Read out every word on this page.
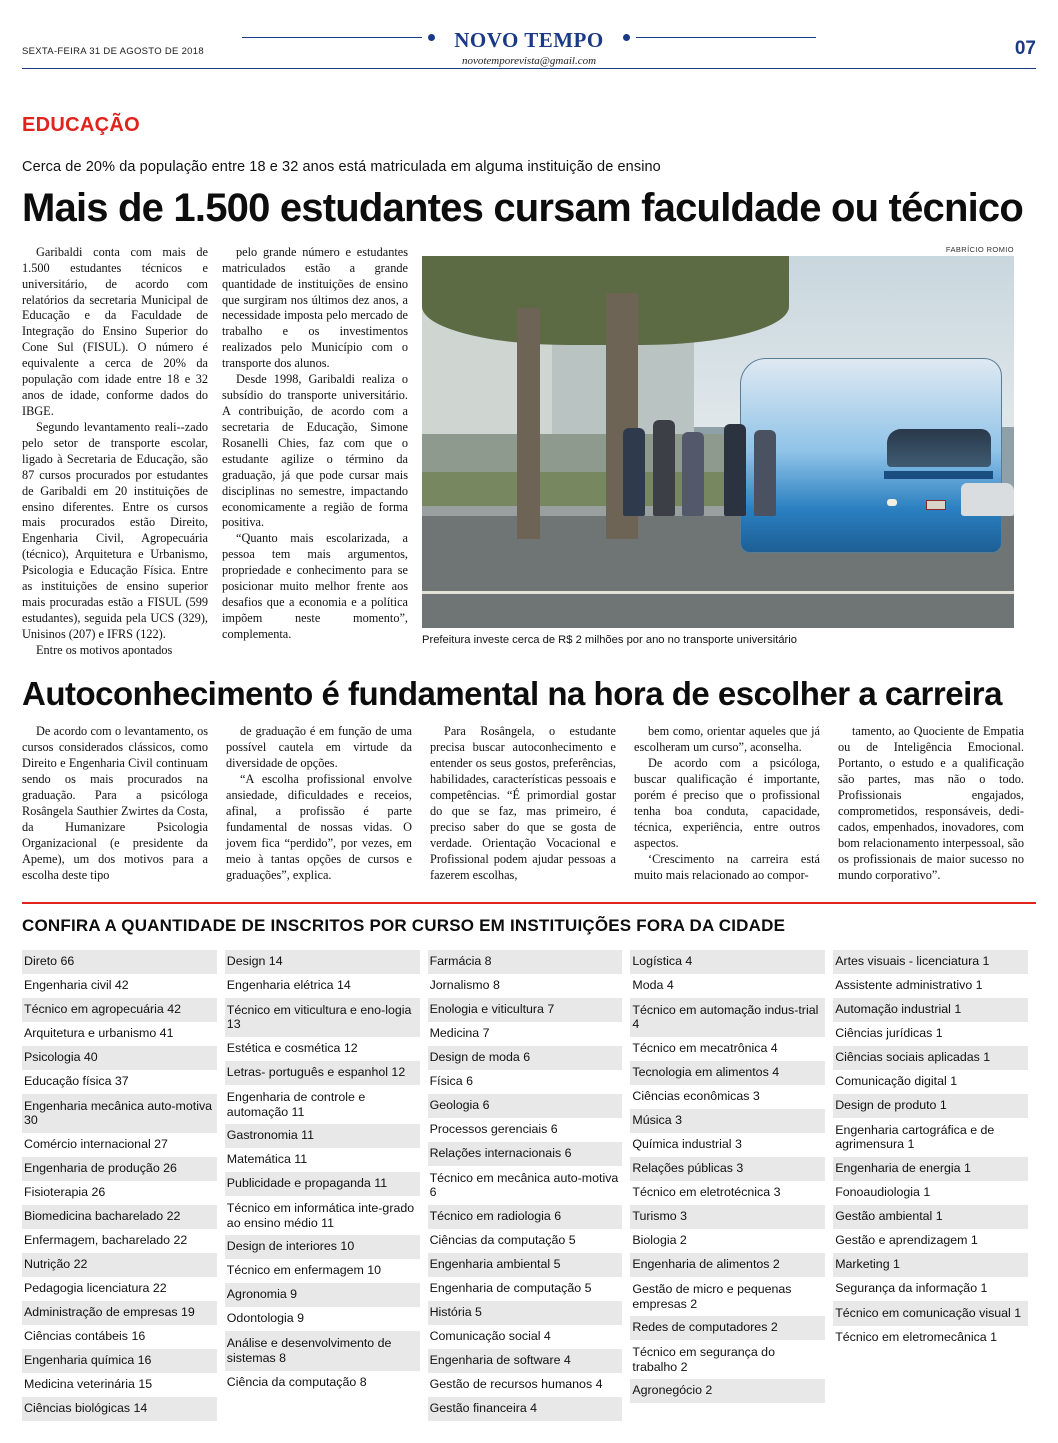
NOVO TEMPO
novotemporevista@gmail.com
SEXTA-FEIRA 31 DE AGOSTO DE 2018	07
EDUCAÇÃO
Cerca de 20% da população entre 18 e 32 anos está matriculada em alguma instituição de ensino
Mais de 1.500 estudantes cursam faculdade ou técnico

Garibaldi conta com mais de 1.500 estudantes técnicos e universitário, de acordo com relatórios da secretaria Municipal de Educação e da Faculdade de Integração do Ensino Superior do Cone Sul (FISUL). O número é equivalente a cerca de 20% da população com idade entre 18 e 32 anos de idade, conforme dados do IBGE.

Segundo levantamento reali--zado pelo setor de transporte escolar, ligado à Secretaria de Educação, são 87 cursos procurados por estudantes de Garibaldi em 20 instituições de ensino diferentes. Entre os cursos mais procurados estão Direito, Engenharia Civil, Agropecuária (técnico), Arquitetura e Urbanismo, Psicologia e Educação Física. Entre as instituições de ensino superior mais procuradas estão a FISUL (599 estudantes), seguida pela UCS (329), Unisinos (207) e IFRS (122).

Entre os motivos apontados

pelo grande número e estudantes matriculados estão a grande quantidade de instituições de ensino que surgiram nos últimos dez anos, a necessidade imposta pelo mercado de trabalho e os investimentos realizados pelo Município com o transporte dos alunos.

Desde 1998, Garibaldi realiza o subsídio do transporte universitário. A contribuição, de acordo com a secretaria de Educação, Simone Rosanelli Chies, faz com que o estudante agilize o término da graduação, já que pode cursar mais disciplinas no semestre, impactando economicamente a região de forma positiva.

“Quanto mais escolarizada, a pessoa tem mais argumentos, propriedade e conhecimento para se posicionar muito melhor frente aos desafios que a economia e a política impõem neste momento”, complementa.

FABRÍCIO ROMIO
Prefeitura investe cerca de R$ 2 milhões por ano no transporte universitário
Autoconhecimento é fundamental na hora de escolher a carreira

De acordo com o levantamento, os cursos considerados clássicos, como Direito e Engenharia Civil continuam sendo os mais procurados na graduação. Para a psicóloga Rosângela Sauthier Zwirtes da Costa, da Humanizare Psicologia Organizacional (e presidente da Apeme), um dos motivos para a escolha deste tipo

de graduação é em função de uma possível cautela em virtude da diversidade de opções.

“A escolha profissional envolve ansiedade, dificuldades e receios, afinal, a profissão é parte fundamental de nossas vidas. O jovem fica “perdido”, por vezes, em meio à tantas opções de cursos e graduações”, explica.

Para Rosângela, o estudante precisa buscar autoconhecimento e entender os seus gostos, preferências, habilidades, características pessoais e competências. “É primordial gostar do que se faz, mas primeiro, é preciso saber do que se gosta de verdade. Orientação Vocacional e Profissional podem ajudar pessoas a fazerem escolhas,

bem como, orientar aqueles que já escolheram um curso”, aconselha.

De acordo com a psicóloga, buscar qualificação é importante, porém é preciso que o profissional tenha boa conduta, capacidade, técnica, experiência, entre outros aspectos.

‘Crescimento na carreira está muito mais relacionado ao compor-

tamento, ao Quociente de Empatia ou de Inteligência Emocional. Portanto, o estudo e a qualificação são partes, mas não o todo. Profissionais engajados, comprometidos, responsáveis, dedi-cados, empenhados, inovadores, com bom relacionamento interpessoal, são os profissionais de maior sucesso no mundo corporativo”.

CONFIRA A QUANTIDADE DE INSCRITOS POR CURSO EM INSTITUIÇÕES FORA DA CIDADE
Direto 66
Engenharia civil 42
Técnico em agropecuária 42
Arquitetura e urbanismo 41
Psicologia 40
Educação física 37
Engenharia mecânica auto-motiva 30
Comércio internacional 27
Engenharia de produção 26
Fisioterapia 26
Biomedicina bacharelado 22
Enfermagem, bacharelado 22
Nutrição 22
Pedagogia licenciatura 22
Administração de empresas 19
Ciências contábeis 16
Engenharia química 16
Medicina veterinária 15
Ciências biológicas 14
Design 14
Engenharia elétrica 14
Técnico em viticultura e eno-logia 13
Estética e cosmética 12
Letras- português e espanhol 12
Engenharia de controle e automação 11
Gastronomia 11
Matemática 11
Publicidade e propaganda 11
Técnico em informática inte-grado ao ensino médio 11
Design de interiores 10
Técnico em enfermagem 10
Agronomia 9
Odontologia 9
Análise e desenvolvimento de sistemas 8
Ciência da computação 8
Farmácia 8
Jornalismo 8
Enologia e viticultura 7
Medicina 7
Design de moda 6
Física 6
Geologia 6
Processos gerenciais 6
Relações internacionais 6
Técnico em mecânica auto-motiva 6
Técnico em radiologia 6
Ciências da computação 5
Engenharia ambiental 5
Engenharia de computação 5
História 5
Comunicação social 4
Engenharia de software 4
Gestão de recursos humanos 4
Gestão financeira 4
Logística 4
Moda 4
Técnico em automação indus-trial 4
Técnico em mecatrônica 4
Tecnologia em alimentos 4
Ciências econômicas 3
Música 3
Química industrial 3
Relações públicas 3
Técnico em eletrotécnica 3
Turismo 3
Biologia 2
Engenharia de alimentos 2
Gestão de micro e pequenas empresas 2
Redes de computadores 2
Técnico em segurança do trabalho 2
Agronegócio 2
Artes visuais - licenciatura 1
Assistente administrativo 1
Automação industrial 1
Ciências jurídicas 1
Ciências sociais aplicadas 1
Comunicação digital 1
Design de produto 1
Engenharia cartográfica e de agrimensura 1
Engenharia de energia 1
Fonoaudiologia 1
Gestão ambiental 1
Gestão e aprendizagem 1
Marketing 1
Segurança da informação 1
Técnico em comunicação visual 1
Técnico em eletromecânica 1
